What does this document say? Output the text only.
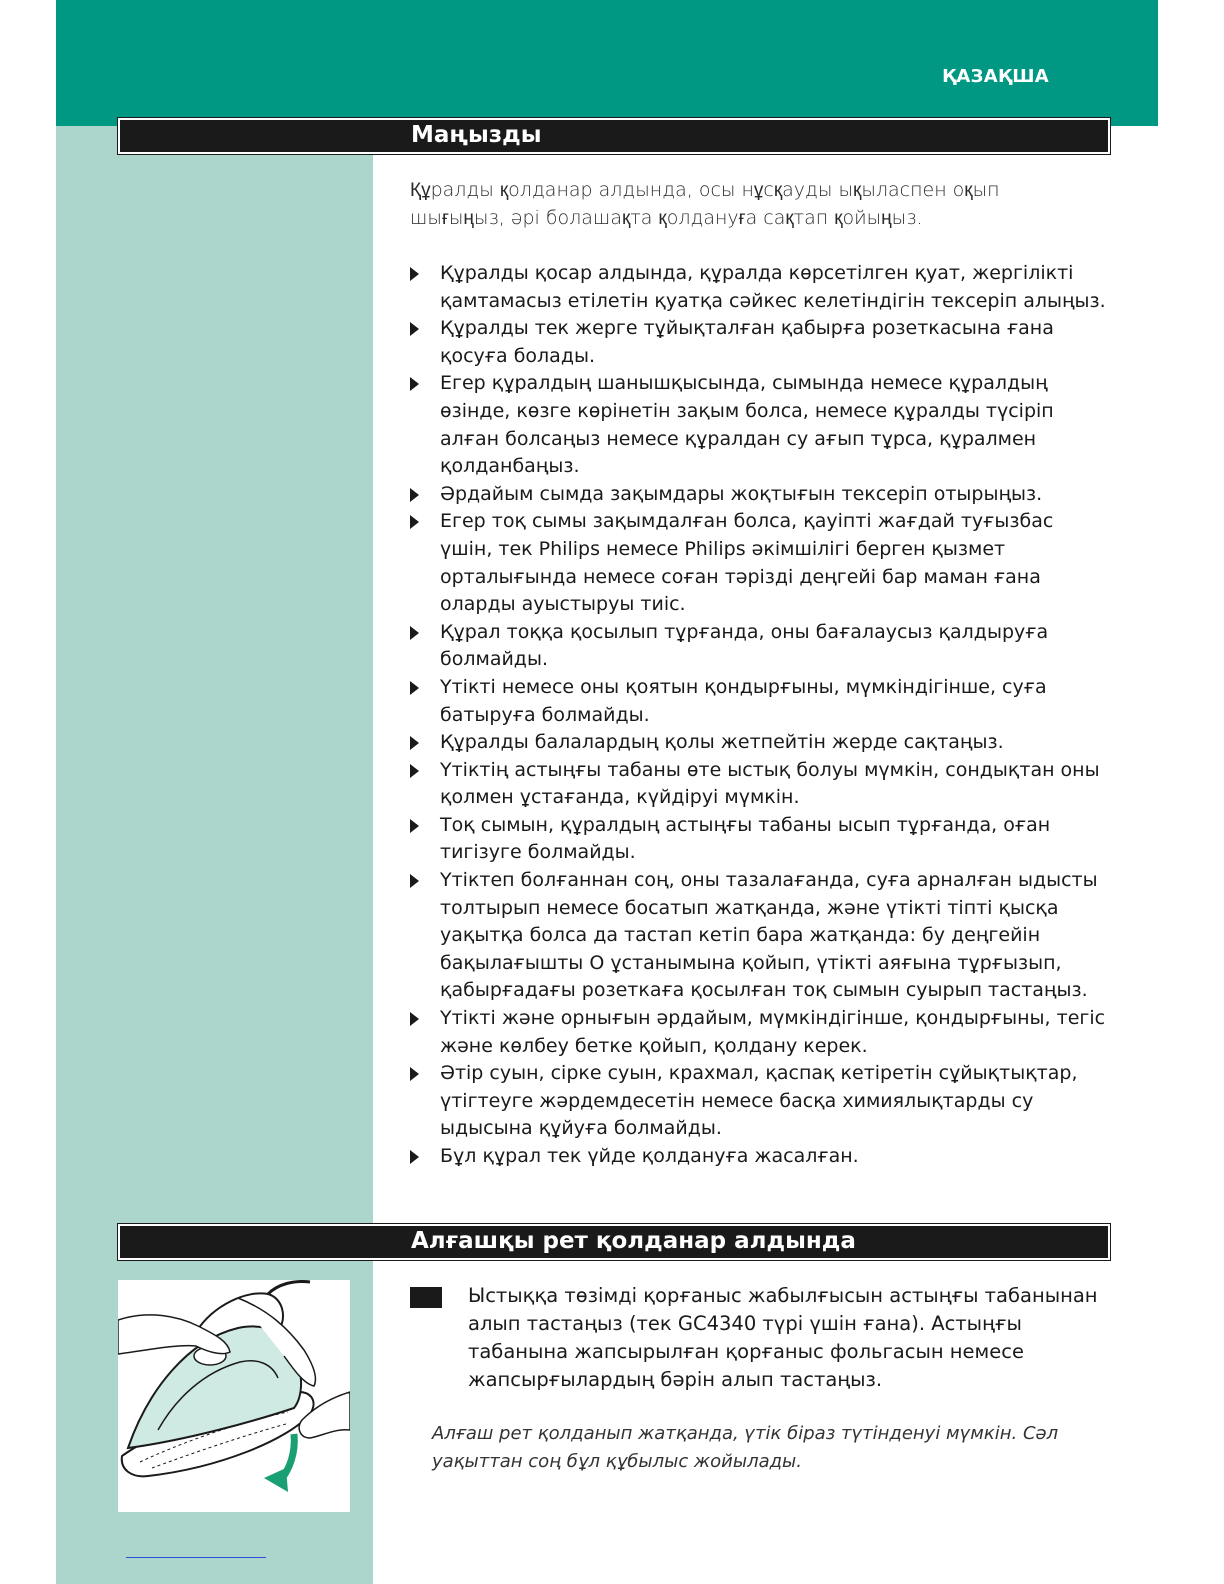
ҚАЗАҚША
Маңызды
Құралды қолданар алдында, осы нұсқауды ықыласпен оқып шығыңыз, әрі болашақта қолдануға сақтап қойыңыз.
Құралды қосар алдында, құралда көрсетілген қуат, жергілікті қамтамасыз етілетін қуатқа сәйкес келетіндігін тексеріп алыңыз.
Құралды тек жерге тұйықталған қабырға розеткасына ғана қосуға болады.
Егер құралдың шанышқысында, сымында немесе құралдың өзінде, көзге көрінетін зақым болса, немесе құралды түсіріп алған болсаңыз немесе құралдан су ағып тұрса, құралмен қолданбаңыз.
Әрдайым сымда зақымдары жоқтығын тексеріп отырыңыз.
Егер тоқ сымы зақымдалған болса, қауіпті жағдай туғызбас үшін, тек Philips немесе Philips әкімшілігі берген қызмет орталығында немесе соған тәрізді деңгейі бар маман ғана оларды ауыстыруы тиіс.
Құрал тоққа қосылып тұрғанда, оны бағалаусыз қалдыруға болмайды.
Үтікті немесе оны қоятын қондырғыны, мүмкіндігінше, суға батыруға болмайды.
Құралды балалардың қолы жетпейтін жерде сақтаңыз.
Үтіктің астыңғы табаны өте ыстық болуы мүмкін, сондықтан оны қолмен ұстағанда, күйдіруі мүмкін.
Тоқ сымын, құралдың астыңғы табаны ысып тұрғанда, оған тигізуге болмайды.
Үтіктеп болғаннан соң, оны тазалағанда, суға арналған ыдысты толтырып немесе босатып жатқанда, және үтікті тіпті қысқа уақытқа болса да тастап кетіп бара жатқанда: бу деңгейін бақылағышты О ұстанымына қойып, үтікті аяғына тұрғызып, қабырғадағы розеткаға қосылған тоқ сымын суырып тастаңыз.
Үтікті және орнығын әрдайым, мүмкіндігінше, қондырғыны, тегіс және көлбеу бетке қойып, қолдану керек.
Әтір суын, сірке суын, крахмал, қаспақ кетіретін сұйықтықтар, үтігтеуге жәрдемдесетін немесе басқа химиялықтарды су ыдысына құйуға болмайды.
Бұл құрал тек үйде қолдануға жасалған.
Алғашқы рет қолданар алдында
Ыстыққа төзімді қорғаныс жабылғысын астыңғы табанынан алып тастаңыз (тек GC4340 түрі үшін ғана). Астыңғы табанына жапсырылған қорғаныс фольгасын немесе жапсырғылардың бәрін алып тастаңыз.
Алғаш рет қолданып жатқанда, үтік біраз түтінденуі мүмкін. Сәл уақыттан соң бұл құбылыс жойылады.
